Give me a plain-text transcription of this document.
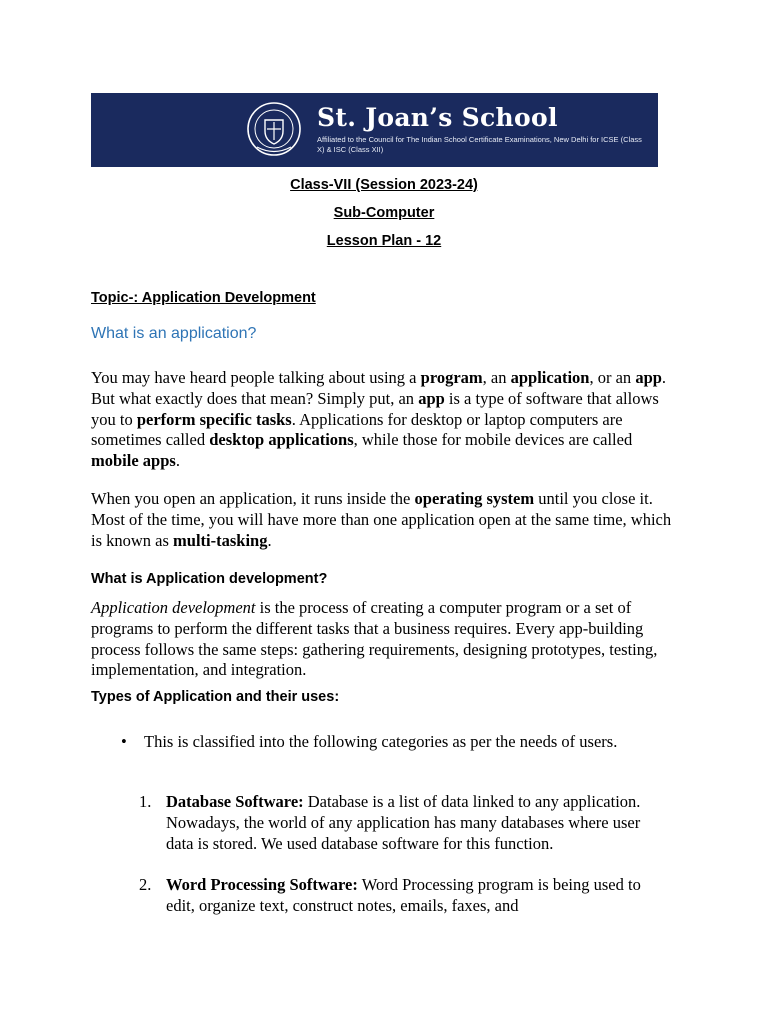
St. Joan’s School
Affiliated to the Council for The Indian School Certificate Examinations, New Delhi for ICSE (Class X) & ISC (Class XII)
Class-VII (Session 2023-24)
Sub-Computer
Lesson Plan - 12
Topic-: Application Development
What is an application?
You may have heard people talking about using a program, an application, or an app. But what exactly does that mean? Simply put, an app is a type of software that allows you to perform specific tasks. Applications for desktop or laptop computers are sometimes called desktop applications, while those for mobile devices are called mobile apps.
When you open an application, it runs inside the operating system until you close it. Most of the time, you will have more than one application open at the same time, which is known as multi-tasking.
What is Application development?
Application development is the process of creating a computer program or a set of programs to perform the different tasks that a business requires. Every app-building process follows the same steps: gathering requirements, designing prototypes, testing, implementation, and integration.
Types of Application and their uses:
• This is classified into the following categories as per the needs of users.
1. Database Software: Database is a list of data linked to any application. Nowadays, the world of any application has many databases where user data is stored. We used database software for this function.
2. Word Processing Software: Word Processing program is being used to edit, organize text, construct notes, emails, faxes, and
